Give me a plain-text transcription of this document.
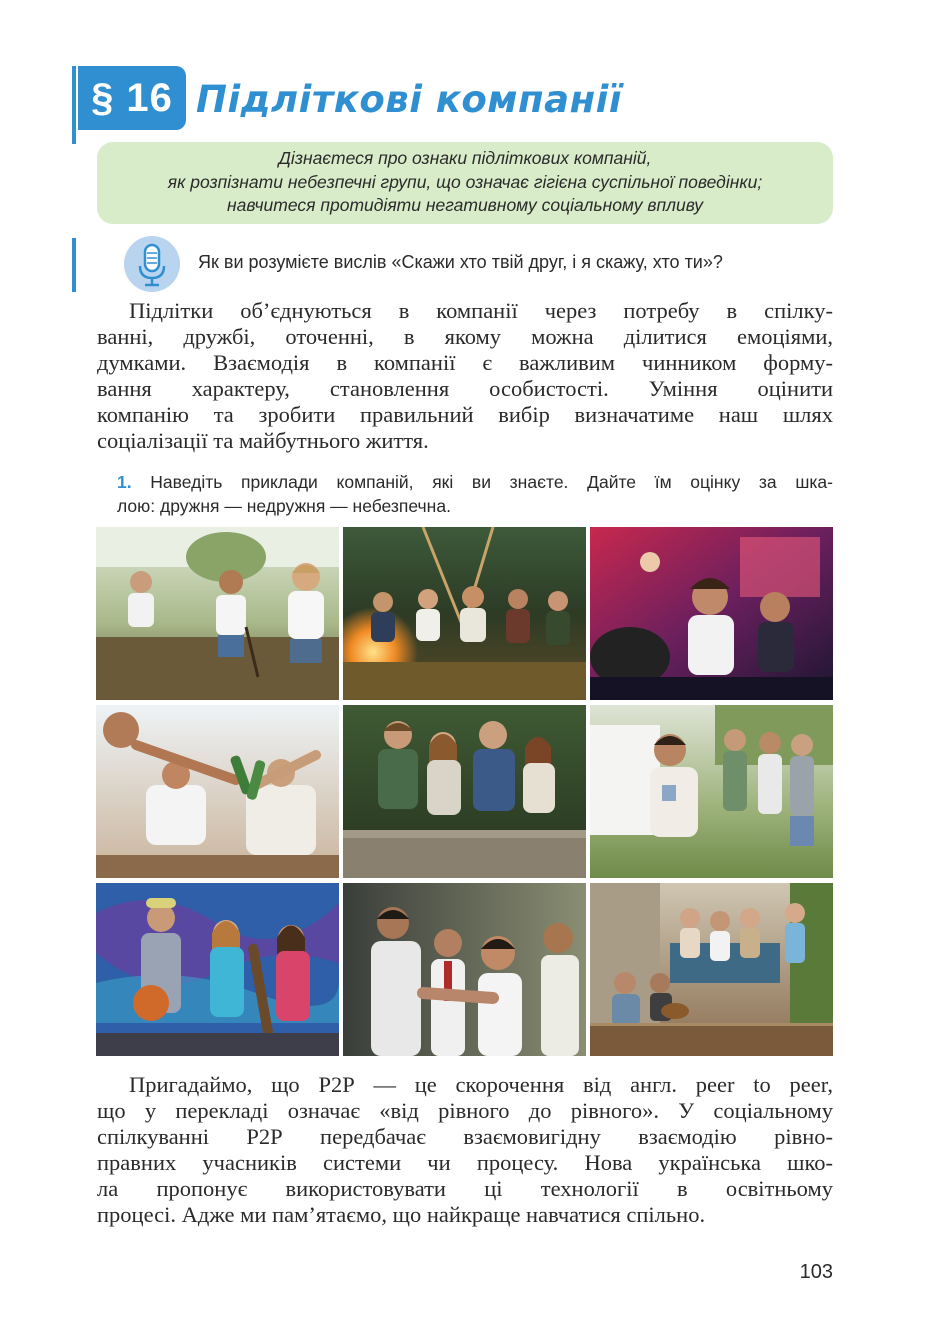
§ 16 Підліткові компанії
Дізнаєтеся про ознаки підліткових компаній,
як розпізнати небезпечні групи, що означає гігієна суспільної поведінки;
навчитеся протидіяти негативному соціальному впливу
Як ви розумієте вислів «Скажи хто твій друг, і я скажу, хто ти»?
Підлітки об’єднуються в компанії через потребу в спілку-
ванні, дружбі, оточенні, в якому можна ділитися емоціями,
думками. Взаємодія в компанії є важливим чинником форму-
вання характеру, становлення особистості. Уміння оцінити
компанію та зробити правильний вибір визначатиме наш шлях
соціалізації та майбутнього життя.
1. Наведіть приклади компаній, які ви знаєте. Дайте їм оцінку за шка-
лою: дружня — недружня — небезпечна.
Пригадаймо, що Р2Р — це скорочення від англ. peer to peer,
що у перекладі означає «від рівного до рівного». У соціальному
спілкуванні Р2Р передбачає взаємовигідну взаємодію рівно-
правних учасників системи чи процесу. Нова українська шко-
ла пропонує використовувати ці технології в освітньому
процесі. Адже ми пам’ятаємо, що найкраще навчатися спільно.
103
